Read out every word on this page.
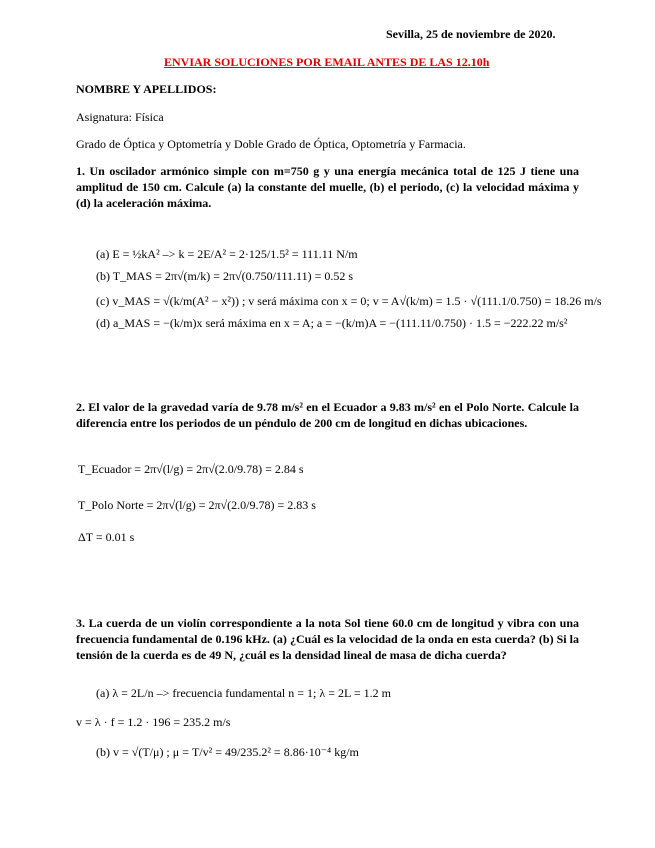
Sevilla, 25 de noviembre de 2020.
ENVIAR SOLUCIONES POR EMAIL ANTES DE LAS 12.10h
NOMBRE Y APELLIDOS:
Asignatura: Física
Grado de Óptica y Optometría y Doble Grado de Óptica, Optometría y Farmacia.
1. Un oscilador armónico simple con m=750 g y una energía mecánica total de 125 J tiene una amplitud de 150 cm. Calcule (a) la constante del muelle, (b) el periodo, (c) la velocidad máxima y (d) la aceleración máxima.
(a) E = ½kA² –> k = 2E/A² = 2·125/1.5² = 111.11 N/m
(b) T_MAS = 2π√(m/k) = 2π√(0.750/111.11) = 0.52 s
(c) v_MAS = √(k/m(A² − x²)) ; v será máxima con x = 0; v = A√(k/m) = 1.5 · √(111.1/0.750) = 18.26 m/s
(d) a_MAS = −(k/m)x será máxima en x = A; a = −(k/m)A = −(111.11/0.750) · 1.5 = −222.22 m/s²
2. El valor de la gravedad varía de 9.78 m/s² en el Ecuador a 9.83 m/s² en el Polo Norte. Calcule la diferencia entre los periodos de un péndulo de 200 cm de longitud en dichas ubicaciones.
T_Ecuador = 2π√(l/g) = 2π√(2.0/9.78) = 2.84 s
T_Polo Norte = 2π√(l/g) = 2π√(2.0/9.78) = 2.83 s
ΔT = 0.01 s
3. La cuerda de un violín correspondiente a la nota Sol tiene 60.0 cm de longitud y vibra con una frecuencia fundamental de 0.196 kHz. (a) ¿Cuál es la velocidad de la onda en esta cuerda? (b) Si la tensión de la cuerda es de 49 N, ¿cuál es la densidad lineal de masa de dicha cuerda?
(a) λ = 2L/n –> frecuencia fundamental n = 1; λ = 2L = 1.2 m
v = λ · f = 1.2 · 196 = 235.2 m/s
(b) v = √(T/μ) ; μ = T/v² = 49/235.2² = 8.86·10⁻⁴ kg/m
